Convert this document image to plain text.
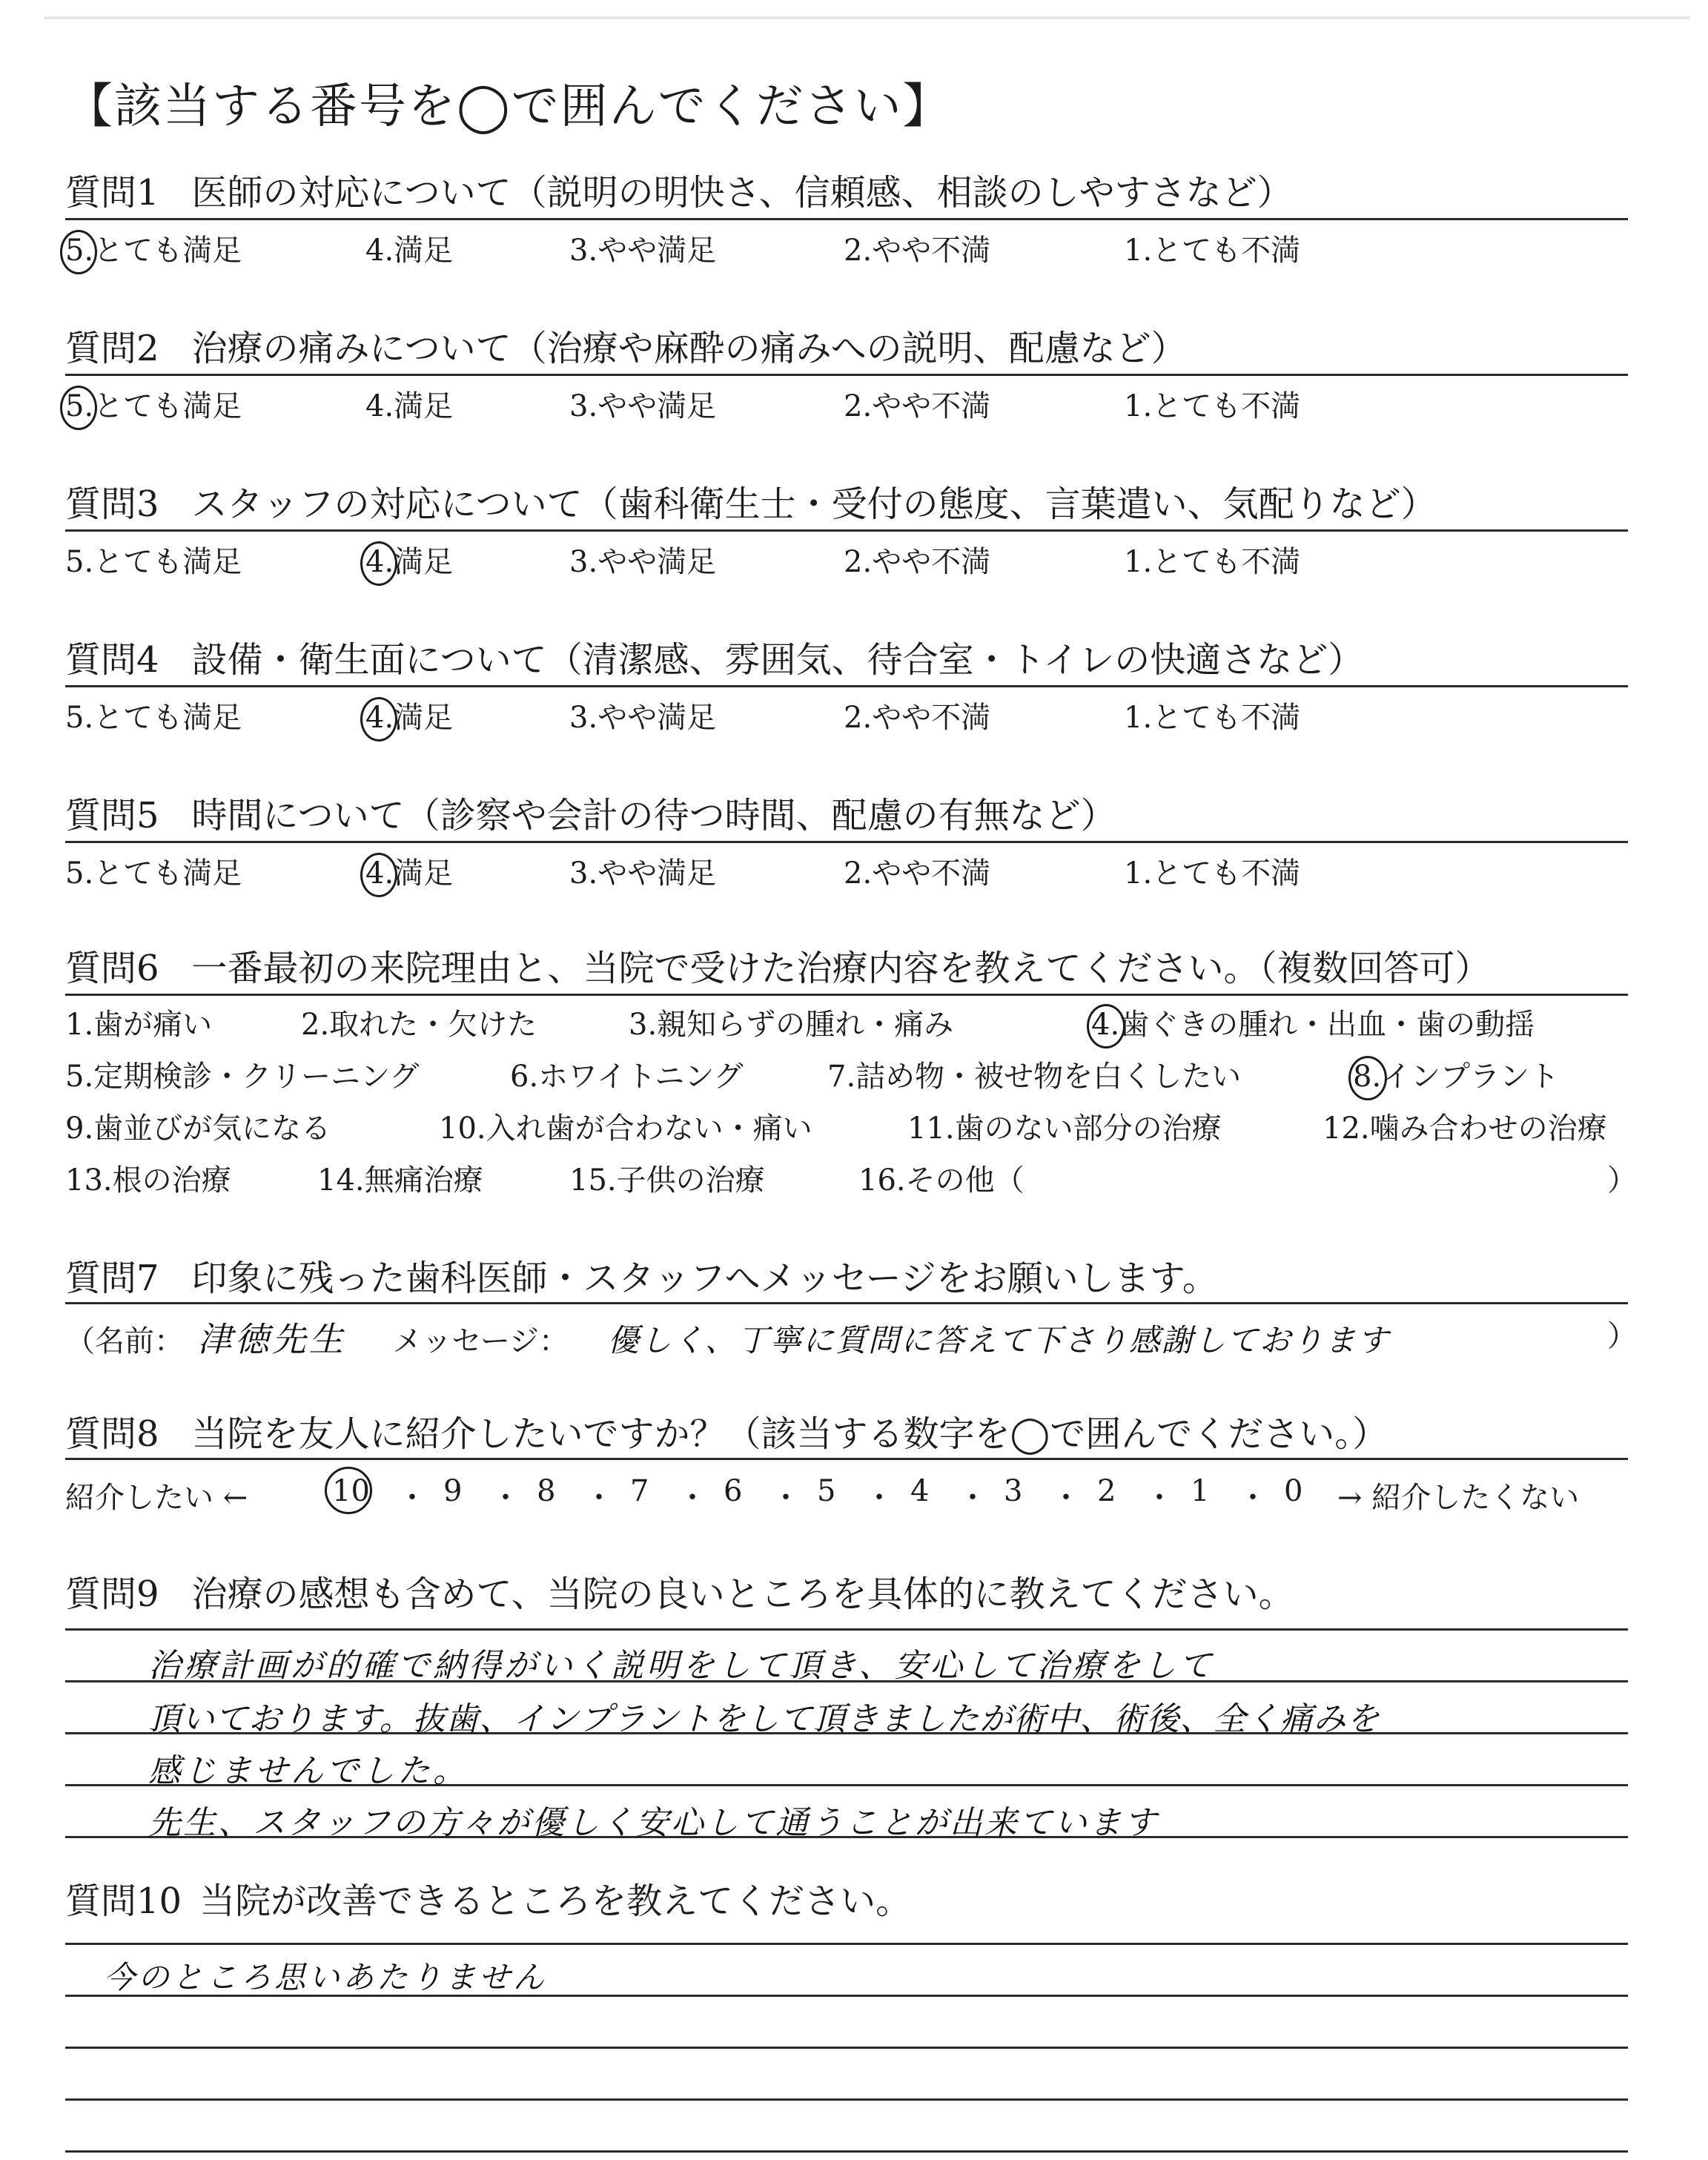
【該当する番号を◯で囲んでください】
質問1 医師の対応について（説明の明快さ、信頼感、相談のしやすさなど）
5.とても満足	4.満足	3.やや満足	2.やや不満	1.とても不満
質問2 治療の痛みについて（治療や麻酔の痛みへの説明、配慮など）
5.とても満足	4.満足	3.やや満足	2.やや不満	1.とても不満
質問3 スタッフの対応について（歯科衛生士・受付の態度、言葉遣い、気配りなど）
5.とても満足	4.満足	3.やや満足	2.やや不満	1.とても不満
質問4 設備・衛生面について（清潔感、雰囲気、待合室・トイレの快適さなど）
5.とても満足	4.満足	3.やや満足	2.やや不満	1.とても不満
質問5 時間について（診察や会計の待つ時間、配慮の有無など）
5.とても満足	4.満足	3.やや満足	2.やや不満	1.とても不満
質問6 一番最初の来院理由と、当院で受けた治療内容を教えてください。（複数回答可）
1.歯が痛い	2.取れた・欠けた	3.親知らずの腫れ・痛み	4.歯ぐきの腫れ・出血・歯の動揺
5.定期検診・クリーニング	6.ホワイトニング	7.詰め物・被せ物を白くしたい	8.インプラント
9.歯並びが気になる	10.入れ歯が合わない・痛い	11.歯のない部分の治療	12.噛み合わせの治療
13.根の治療	14.無痛治療	15.子供の治療	16.その他（	）
質問7 印象に残った歯科医師・スタッフへメッセージをお願いします。
（名前： 津徳先生 メッセージ： 優しく、丁寧に質問に答えて下さり感謝しております	）
質問8 当院を友人に紹介したいですか？（該当する数字を◯で囲んでください。）
紹介したい ←	10 ・ 9 ・ 8 ・ 7 ・ 6 ・ 5 ・ 4 ・ 3 ・ 2 ・ 1 ・ 0 → 紹介したくない
質問9 治療の感想も含めて、当院の良いところを具体的に教えてください。
治療計画が的確で納得がいく説明をして頂き、安心して治療をして
頂いております。抜歯、インプラントをして頂きましたが術中、術後、全く痛みを
感じませんでした。
先生、スタッフの方々が優しく安心して通うことが出来ています
質問10 当院が改善できるところを教えてください。
今のところ思いあたりません
